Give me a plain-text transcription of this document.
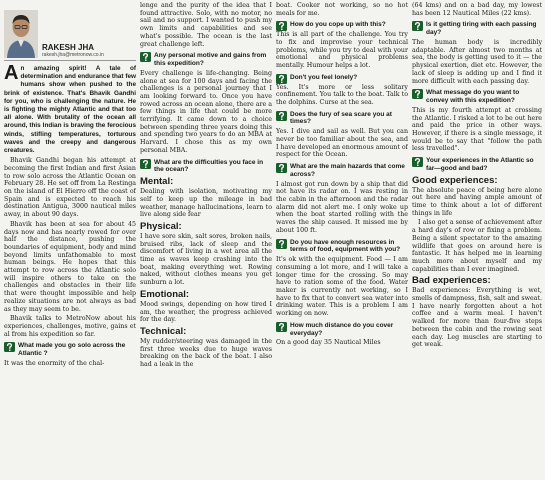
RAKESH JHA
rakesh.jha@metronow.co.in

An amazing spirit! A tale of determination and endurance that few humans show when pushed to the brink of existence. That's Bhavik Gandhi for you, who is challenging the nature. He is fighting the mighty Atlantic and that too all alone. With brutality of the ocean all around, this Indian is braving the ferocious winds, stifling temperatures, torturous waves and the creepy and dangerous creatures.

Bhavik Gandhi began his attempt at becoming the first Indian and first Asian to row solo across the Atlantic Ocean on February 28. He set off from La Restinga on the island of El Hierro off the coast of Spain and is expected to reach his destination Antigua, 3000 nautical miles away, in about 90 days.

Bhavik has been at sea for about 45 days now and has nearly rowed for over half the distance, pushing the boundaries of equipment, body and mind beyond limits unfathomable to most human beings. He hopes that this attempt to row across the Atlantic solo will inspire others to take on the challenges and obstacles in their life that were thought impossible and help realize situations are not always as bad as they may seem to be.

Bhavik talks to MetroNow about his experiences, challenges, motive, gains et al from his expedition so far.

What made you go solo across the Atlantic ?

It was the enormity of the chal-

lenge and the purity of the idea that I found attractive. Solo, with no motor, no sail and no support. I wanted to push my own limits and capabilities and see what's possible. The ocean is the last great challenge left.

Any personal motive and gains from this expedition?

Every challenge is life-changing. Being alone at sea for 100 days and facing the challenges is a personal journey that I am looking forward to. Once you have rowed across an ocean alone, there are a few things in life that could be more terrifying. It came down to a choice between spending three years doing this and spending two years to do an MBA at Harvard. I chose this as my own personal MBA.

What are the difficulties you face in the ocean?
Mental:

Dealing with isolation, motivating my self to keep up the mileage in bad weather, manage hallucinations, learn to live along side fear

Physical:

I have sore skin, salt sores, broken nails, bruised ribs, lack of sleep and the discomfort of living in a wet area all the time as waves keep crashing into the boat, making everything wet. Rowing naked, without clothes means you get sunburn a lot.

Emotional:

Mood swings, depending on how tired I am, the weather, the progress achieved for the day.

Technical:

My rudder/steering was damaged in the first three weeks due to huge waves breaking on the back of the boat. I also had a leak in the

boat. Cooker not working, so no hot meals for me.

How do you cope up with this?

This is all part of the challenge. You try to fix and improvise your technical problems, while you try to deal with your emotional and physical problems mentally. Humour helps a lot.

Don't you feel lonely?

Yes. It's more or less solitary confinement. You talk to the boat. Talk to the dolphins. Curse at the sea.

Does the fury of sea scare you at times?

Yes. I dive and sail as well. But you can never be too familiar about the sea, and I have developed an enormous amount of respect for the Ocean.

What are the main hazards that come across?

I almost got run down by a ship that did not have its radar on. I was resting in the cabin in the afternoon and the radar alarm did not alert me. I only woke up when the boat started rolling with the waves the ship caused. It missed me by about 100 ft.

Do you have enough resources in terms of food, equipment with you?

It's ok with the equipment. Food — I am consuming a lot more, and I will take a longer time for the crossing. So may have to ration some of the food. Water maker is currently not working, so I have to fix that to convert sea water into drinking water. This is a problem I am working on now.

How much distance do you cover everyday?

On a good day 35 Nautical Miles

(64 kms) and on a bad day, my lowest has been 12 Nautical Miles (22 kms).

Is it getting tiring with each passing day?

The human body is incredibly adaptable. After almost two months at sea, the body is getting used to it — the physical exertion, diet etc. However, the lack of sleep is adding up and I find it more difficult with each passing day.

What message do you want to convey with this expedition?

This is my fourth attempt at crossing the Atlantic. I risked a lot to be out here and paid the price in other ways. However, if there is a single message, it would be to say that "follow the path less travelled".

Your experiences in the Atlantic so far—good and bad?
Good experiences:

The absolute peace of being here alone out here and having ample amount of time to think about a lot of different things in life

I also get a sense of achievement after a hard day's of row or fixing a problem. Being a silent spectator to the amazing wildlife that goes on around here is fantastic. It has helped me in learning much more about myself and my capabilities than I ever imagined.

Bad experiences:

Bad experiences: Everything is wet, smells of dampness, fish, salt and sweat. I have nearly forgotten about a hot coffee and a warm meal. I haven't walked for more than four-five steps between the cabin and the rowing seat each day. Leg muscles are starting to get weak.
